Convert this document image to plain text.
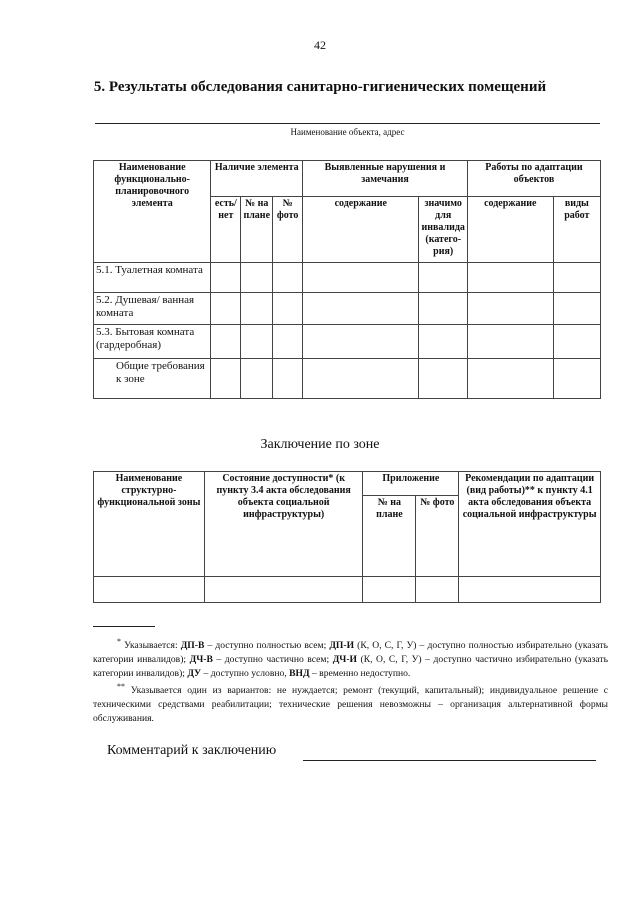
42
5. Результаты обследования санитарно-гигиенических помещений
Наименование объекта, адрес
Наименование функционально-планировочного элемента	Наличие элемента			Выявленные нарушения и замечания		Работы по адаптации объектов	
	есть/ нет	№ на плане	№ фото	содержание	значимо для инвалида (катего-рия)	содержание	виды работ
5.1. Туалетная комната							
5.2. Душевая/ ванная комната							
5.3. Бытовая комната (гардеробная)							
Общие требования к зоне							
Заключение по зоне
Наименование структурно-функциональной зоны	Состояние доступности* (к пункту 3.4 акта обследования объекта социальной инфраструктуры)	Приложение		Рекомендации по адаптации (вид работы)** к пункту 4.1 акта обследования объекта социальной инфраструктуры
		№ на плане	№ фото	

* Указывается: ДП-В – доступно полностью всем; ДП-И (К, О, С, Г, У) – доступно полностью избирательно (указать категории инвалидов); ДЧ-В – доступно частично всем; ДЧ-И (К, О, С, Г, У) – доступно частично избирательно (указать категории инвалидов); ДУ – доступно условно, ВНД – временно недоступно.

** Указывается один из вариантов: не нуждается; ремонт (текущий, капитальный); индивидуальное решение с техническими средствами реабилитации; технические решения невозможны – организация альтернативной формы обслуживания.

Комментарий к заключению
